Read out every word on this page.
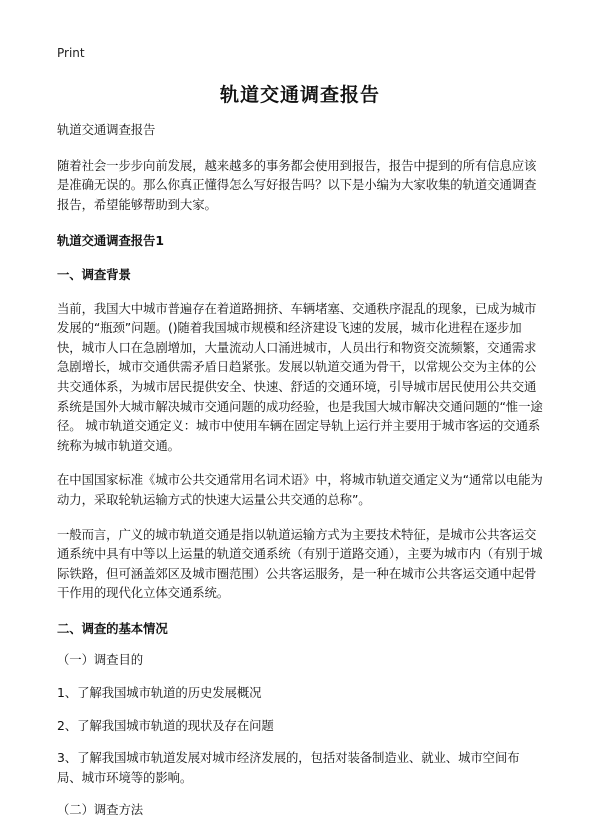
Print
轨道交通调查报告

轨道交通调查报告

随着社会一步步向前发展，越来越多的事务都会使用到报告，报告中提到的所有信息应该是准确无误的。那么你真正懂得怎么写好报告吗？以下是小编为大家收集的轨道交通调查报告，希望能够帮助到大家。

轨道交通调查报告1

一、调查背景

当前，我国大中城市普遍存在着道路拥挤、车辆堵塞、交通秩序混乱的现象，已成为城市发展的“瓶颈”问题。()随着我国城市规模和经济建设飞速的发展，城市化进程在逐步加快，城市人口在急剧增加，大量流动人口涌进城市，人员出行和物资交流频繁，交通需求急剧增长，城市交通供需矛盾日趋紧张。发展以轨道交通为骨干，以常规公交为主体的公共交通体系，为城市居民提供安全、快速、舒适的交通环境，引导城市居民使用公共交通系统是国外大城市解决城市交通问题的成功经验，也是我国大城市解决交通问题的“惟一途径。 城市轨道交通定义：城市中使用车辆在固定导轨上运行并主要用于城市客运的交通系统称为城市轨道交通。

在中国国家标准《城市公共交通常用名词术语》中，将城市轨道交通定义为“通常以电能为动力，采取轮轨运输方式的快速大运量公共交通的总称”。

一般而言，广义的城市轨道交通是指以轨道运输方式为主要技术特征，是城市公共客运交通系统中具有中等以上运量的轨道交通系统（有别于道路交通），主要为城市内（有别于城际铁路，但可涵盖郊区及城市圈范围）公共客运服务，是一种在城市公共客运交通中起骨干作用的现代化立体交通系统。

二、调查的基本情况

（一）调查目的

1、了解我国城市轨道的历史发展概况

2、了解我国城市轨道的现状及存在问题

3、了解我国城市轨道发展对城市经济发展的，包括对装备制造业、就业、城市空间布局、城市环境等的影响。

（二）调查方法
